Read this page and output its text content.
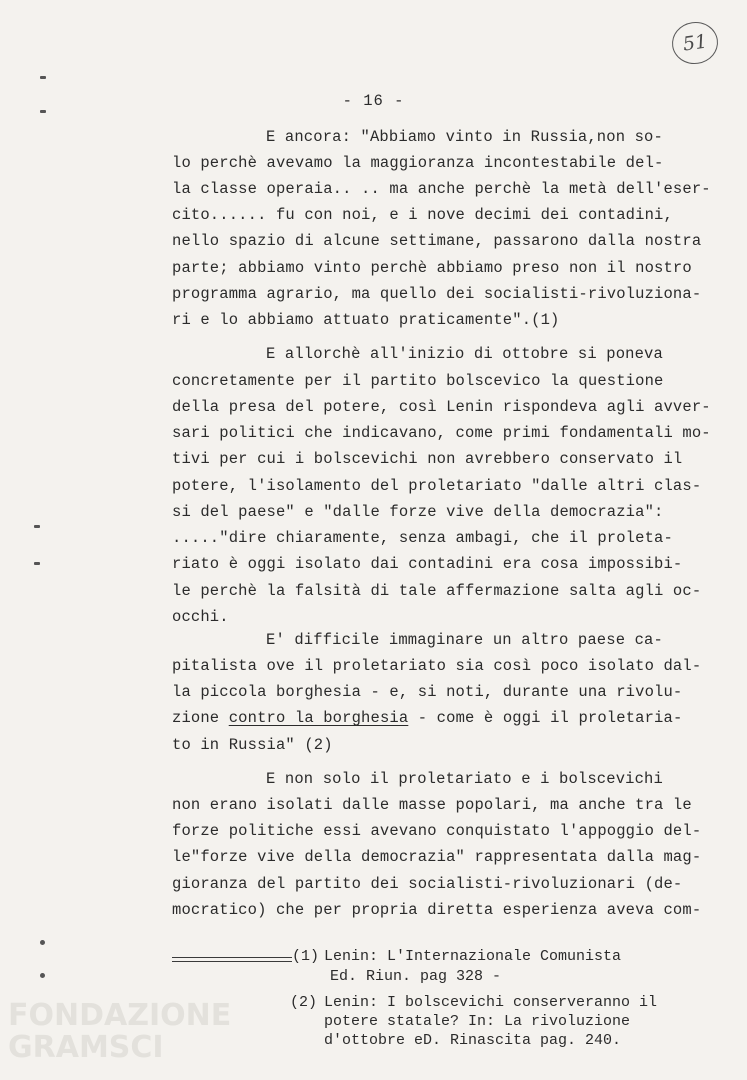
51
- 16 -
E ancora: "Abbiamo vinto in Russia,non so-
lo perchè avevamo la maggioranza incontestabile del-
la classe operaia.. .. ma anche perchè la metà dell'eser-
cito...... fu con noi, e i nove decimi dei contadini,
nello spazio di alcune settimane, passarono dalla nostra
parte; abbiamo vinto perchè abbiamo preso non il nostro
programma agrario, ma quello dei socialisti-rivoluziona-
ri e lo abbiamo attuato praticamente".(1)
E allorchè all'inizio di ottobre si poneva
concretamente per il partito bolscevico la questione
della presa del potere, così Lenin rispondeva agli avver-
sari politici che indicavano, come primi fondamentali mo-
tivi per cui i bolscevichi non avrebbero conservato il
potere, l'isolamento del proletariato "dalle altri clas-
si del paese" e "dalle forze vive della democrazia":
....."dire chiaramente, senza ambagi, che il proleta-
riato è oggi isolato dai contadini era cosa impossibi-
le perchè la falsità di tale affermazione salta agli oc-
occhi.
E' difficile immaginare un altro paese ca-
pitalista ove il proletariato sia così poco isolato dal-
la piccola borghesia - e, si noti, durante una rivolu-
zione contro la borghesia - come è oggi il proletaria-
to in Russia" (2)
E non solo il proletariato e i bolscevichi
non erano isolati dalle masse popolari, ma anche tra le
forze politiche essi avevano conquistato l'appoggio del-
le"forze vive della democrazia" rappresentata dalla mag-
gioranza del partito dei socialisti-rivoluzionari (de-
mocratico) che per propria diretta esperienza aveva com-
(1) Lenin: L'Internazionale Comunista
Ed. Riun. pag 328 -
(2) Lenin: I bolscevichi conserveranno il
potere statale? In: La rivoluzione
d'ottobre eD. Rinascita pag. 240.
FONDAZIONE
GRAMSCI
